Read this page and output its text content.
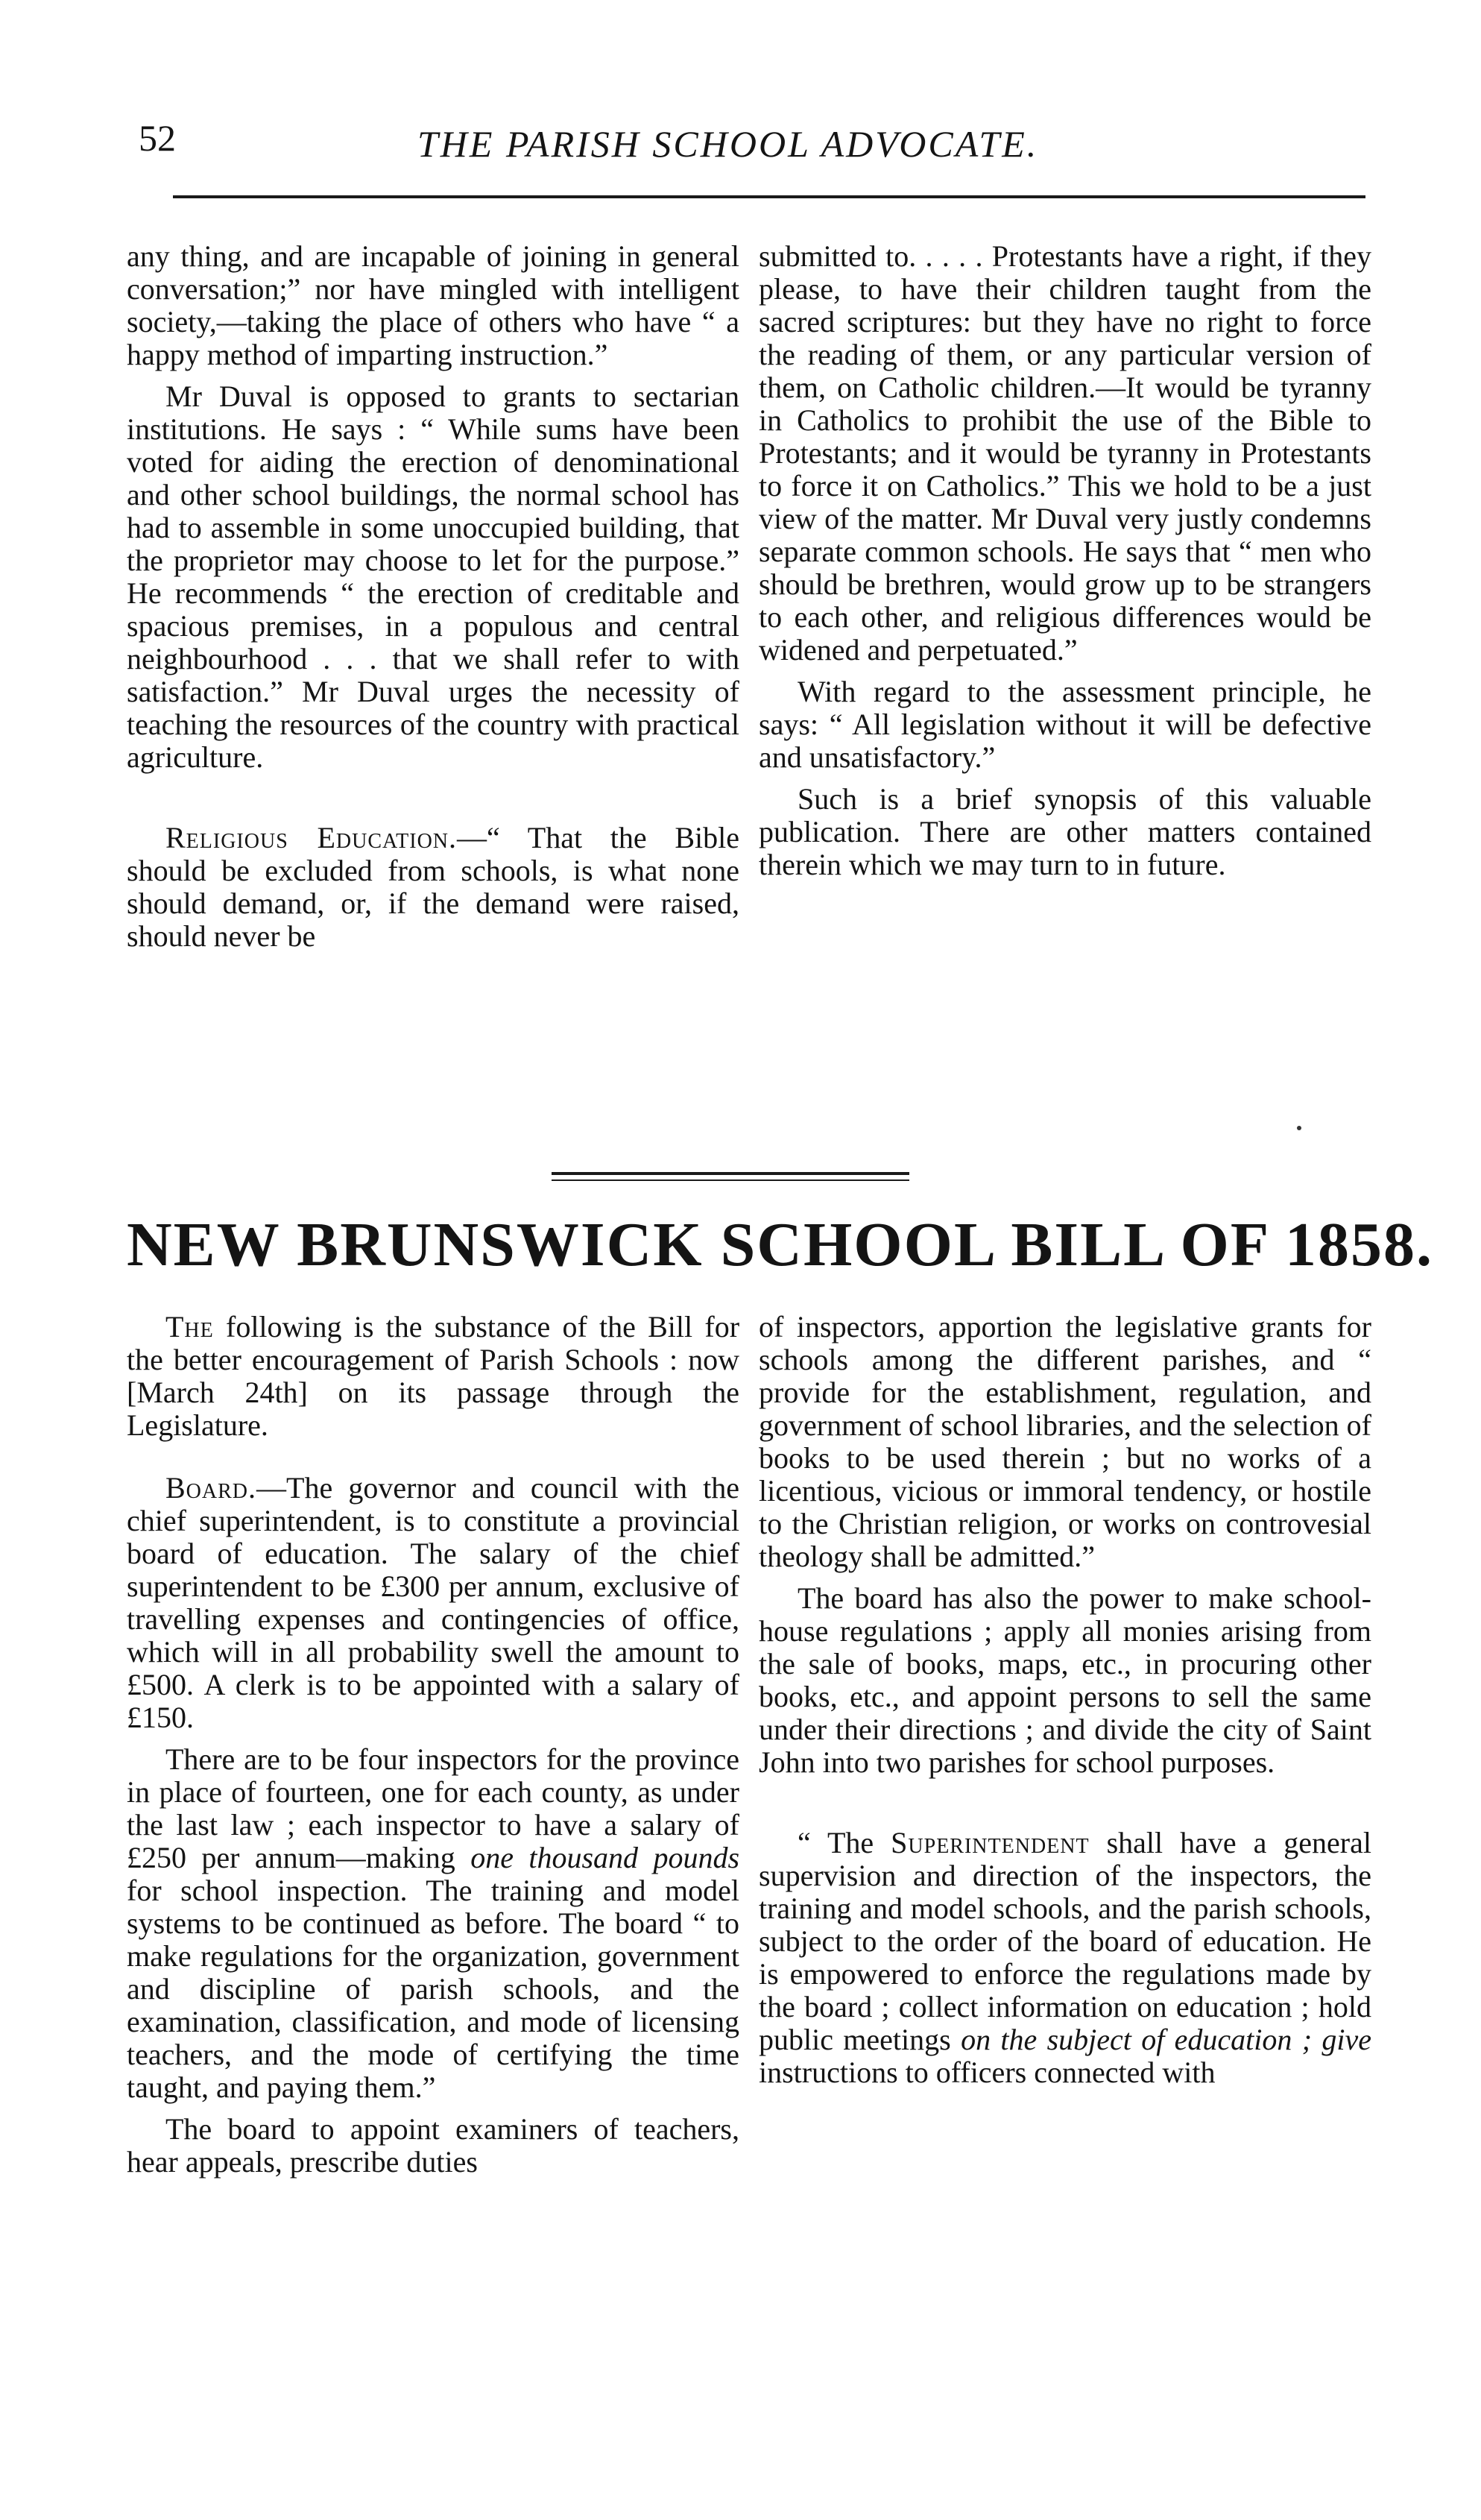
52	THE PARISH SCHOOL ADVOCATE.

any thing, and are incapable of joining in general conversation;” nor have mingled with intelligent society,—taking the place of others who have “ a happy method of imparting instruction.”

Mr Duval is opposed to grants to sectarian institutions. He says : “ While sums have been voted for aiding the erection of denominational and other school buildings, the normal school has had to assemble in some unoccupied building, that the proprietor may choose to let for the purpose.” He recommends “ the erection of creditable and spacious premises, in a populous and central neighbourhood . . . that we shall refer to with satisfaction.” Mr Duval urges the necessity of teaching the resources of the country with practical agriculture.

Religious Education.—“ That the Bible should be excluded from schools, is what none should demand, or, if the demand were raised, should never be

submitted to. . . . . Protestants have a right, if they please, to have their children taught from the sacred scriptures: but they have no right to force the reading of them, or any particular version of them, on Catholic children.—It would be tyranny in Catholics to prohibit the use of the Bible to Protestants; and it would be tyranny in Protestants to force it on Catholics.” This we hold to be a just view of the matter. Mr Duval very justly condemns separate common schools. He says that “ men who should be brethren, would grow up to be strangers to each other, and religious differences would be widened and perpetuated.”

With regard to the assessment principle, he says: “ All legislation without it will be defective and unsatisfactory.”

Such is a brief synopsis of this valuable publication. There are other matters contained therein which we may turn to in future.

NEW BRUNSWICK SCHOOL BILL OF 1858.

The following is the substance of the Bill for the better encouragement of Parish Schools : now [March 24th] on its passage through the Legislature.

Board.—The governor and council with the chief superintendent, is to constitute a provincial board of education. The salary of the chief superintendent to be £300 per annum, exclusive of travelling expenses and contingencies of office, which will in all probability swell the amount to £500. A clerk is to be appointed with a salary of £150.

There are to be four inspectors for the province in place of fourteen, one for each county, as under the last law ; each inspector to have a salary of £250 per annum—making one thousand pounds for school inspection. The training and model systems to be continued as before. The board “ to make regulations for the organization, government and discipline of parish schools, and the examination, classification, and mode of licensing teachers, and the mode of certifying the time taught, and paying them.”

The board to appoint examiners of teachers, hear appeals, prescribe duties

of inspectors, apportion the legislative grants for schools among the different parishes, and “ provide for the establishment, regulation, and government of school libraries, and the selection of books to be used therein ; but no works of a licentious, vicious or immoral tendency, or hostile to the Christian religion, or works on controvesial theology shall be admitted.”

The board has also the power to make school-house regulations ; apply all monies arising from the sale of books, maps, etc., in procuring other books, etc., and appoint persons to sell the same under their directions ; and divide the city of Saint John into two parishes for school purposes.

“ The Superintendent shall have a general supervision and direction of the inspectors, the training and model schools, and the parish schools, subject to the order of the board of education. He is empowered to enforce the regulations made by the board ; collect information on education ; hold public meetings on the subject of education ; give instructions to officers connected with
